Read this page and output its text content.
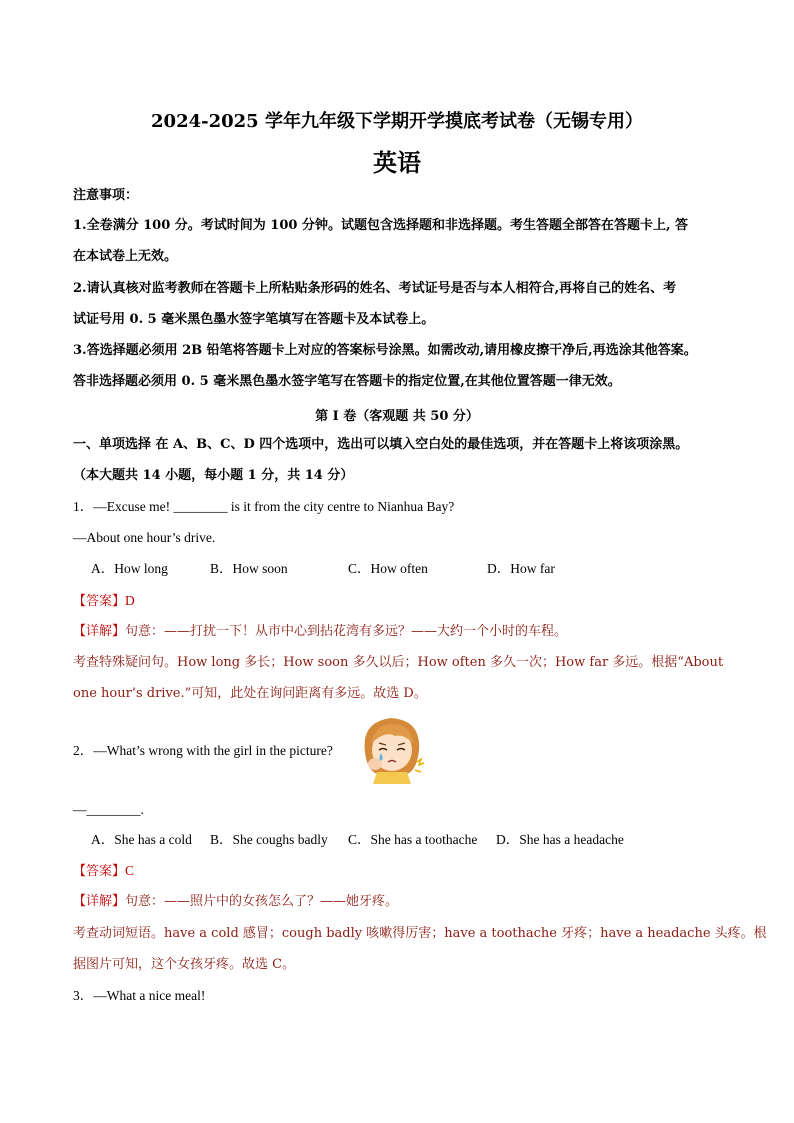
2024-2025 学年九年级下学期开学摸底考试卷（无锡专用）
英语
注意事项：
1.全卷满分 100 分。考试时间为 100 分钟。试题包含选择题和非选择题。考生答题全部答在答题卡上, 答
在本试卷上无效。
2.请认真核对监考教师在答题卡上所粘贴条形码的姓名、考试证号是否与本人相符合,再将自己的姓名、考
试证号用 0. 5 毫米黑色墨水签字笔填写在答题卡及本试卷上。
3.答选择题必须用 2B 铅笔将答题卡上对应的答案标号涂黑。如需改动,请用橡皮擦干净后,再选涂其他答案。
答非选择题必须用 0. 5 毫米黑色墨水签字笔写在答题卡的指定位置,在其他位置答题一律无效。
第 I 卷（客观题 共 50 分）
一、单项选择 在 A、B、C、D 四个选项中，选出可以填入空白处的最佳选项，并在答题卡上将该项涂黑。
（本大题共 14 小题，每小题 1 分，共 14 分）
1．—Excuse me! ________ is it from the city centre to Nianhua Bay?
—About one hour’s drive.
A．How long	B．How soon	C．How often	D．How far
【答案】D
【详解】句意：——打扰一下！从市中心到拈花湾有多远？——大约一个小时的车程。
考查特殊疑问句。How long 多长；How soon 多久以后；How often 多久一次；How far 多远。根据“About
one hour’s drive.”可知，此处在询问距离有多远。故选 D。
2．—What’s wrong with the girl in the picture?
—________.
A．She has a cold B．She coughs badly C．She has a toothache D．She has a headache
【答案】C
【详解】句意：——照片中的女孩怎么了？——她牙疼。
考查动词短语。have a cold 感冒；cough badly 咳嗽得厉害；have a toothache 牙疼；have a headache 头疼。根
据图片可知，这个女孩牙疼。故选 C。
3．—What a nice meal!
